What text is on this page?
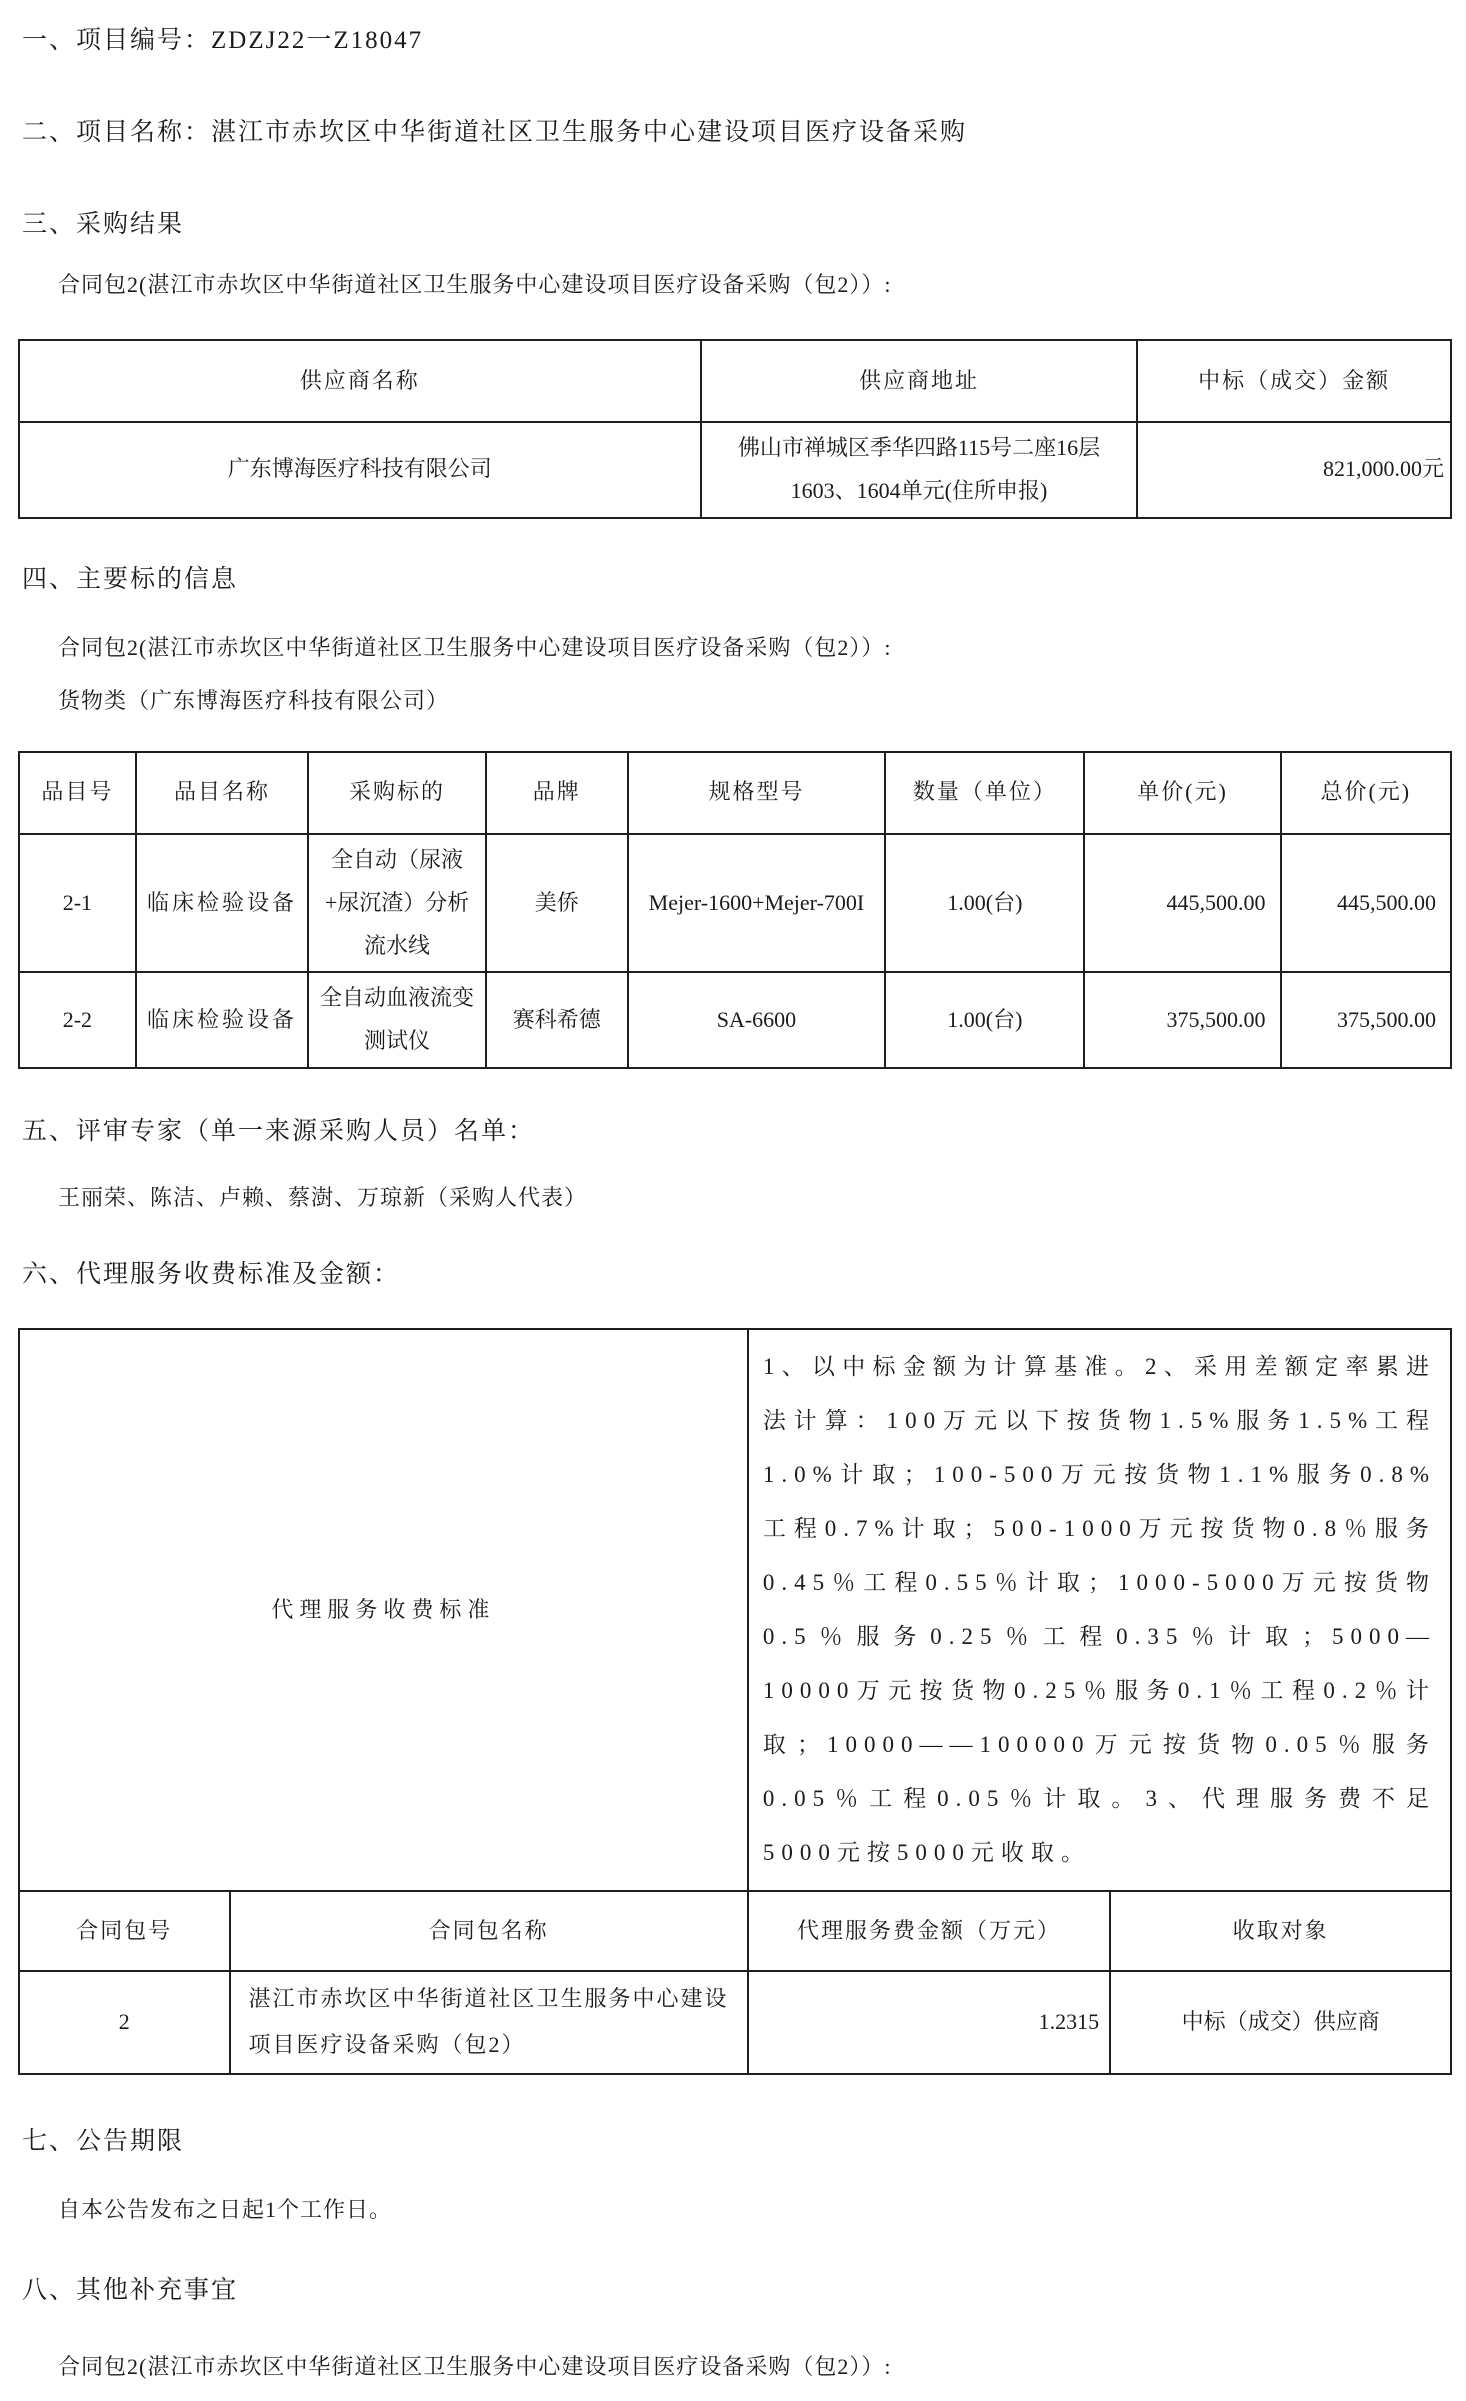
一、项目编号：ZDZJ22一Z18047
二、项目名称：湛江市赤坎区中华街道社区卫生服务中心建设项目医疗设备采购
三、采购结果
合同包2(湛江市赤坎区中华街道社区卫生服务中心建设项目医疗设备采购（包2））:
供应商名称	供应商地址	中标（成交）金额
广东博海医疗科技有限公司	佛山市禅城区季华四路115号二座16层1603、1604单元(住所申报)	821,000.00元
四、主要标的信息
合同包2(湛江市赤坎区中华街道社区卫生服务中心建设项目医疗设备采购（包2））:
货物类（广东博海医疗科技有限公司）
品目号	品目名称	采购标的	品牌	规格型号	数量（单位）	单价(元)	总价(元)
2-1	临床检验设备	全自动（尿液+尿沉渣）分析流水线	美侨	Mejer-1600+Mejer-700I	1.00(台)	445,500.00	445,500.00
2-2	临床检验设备	全自动血液流变测试仪	赛科希德	SA-6600	1.00(台)	375,500.00	375,500.00
五、评审专家（单一来源采购人员）名单：
王丽荣、陈洁、卢赖、蔡澍、万琼新（采购人代表）
六、代理服务收费标准及金额：
代理服务收费标准		1、以中标金额为计算基准。2、采用差额定率累进法计算：100万元以下按货物1.5%服务1.5%工程1.0%计取；100-500万元按货物1.1%服务0.8%工程0.7%计取；500-1000万元按货物0.8％服务0.45％工程0.55％计取；1000-5000万元按货物0.5％服务0.25％工程0.35％计取；5000—10000万元按货物0.25％服务0.1％工程0.2％计取；10000——100000万元按货物0.05％服务0.05％工程0.05％计取。3、代理服务费不足5000元按5000元收取。	
合同包号	合同包名称	代理服务费金额（万元）	收取对象
2	湛江市赤坎区中华街道社区卫生服务中心建设项目医疗设备采购（包2）	1.2315	中标（成交）供应商
七、公告期限
自本公告发布之日起1个工作日。
八、其他补充事宜
合同包2(湛江市赤坎区中华街道社区卫生服务中心建设项目医疗设备采购（包2））:
